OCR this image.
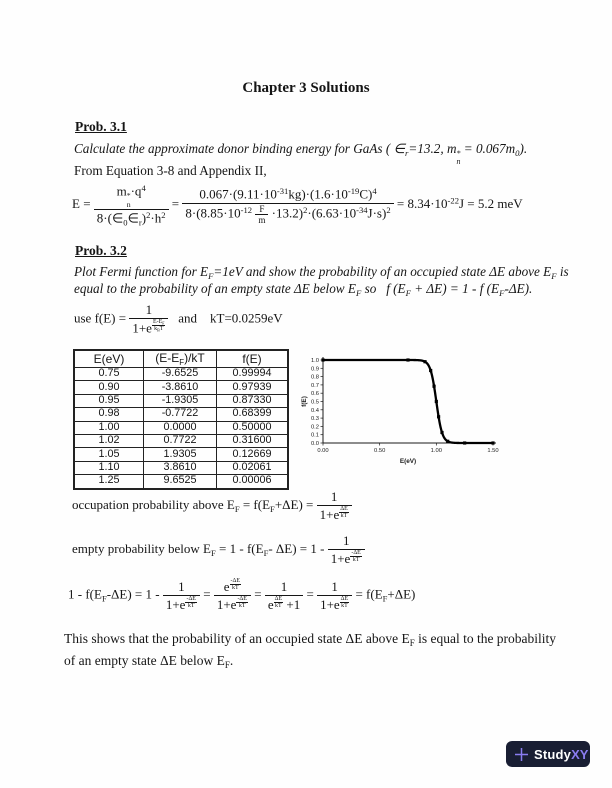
Chapter 3 Solutions
Prob. 3.1
Calculate the approximate donor binding energy for GaAs ( $\in_r=13.2$, m *
n
= $0.067m_0$).
From Equation 3-8 and Appendix II,
E = m *
n
$\cdot q^4$
$8\cdot(\in_0\in_r)^2\cdot h^2 = \frac{0.067\cdot(9.11\cdot 10^{-31}kg)\cdot(1.6\cdot 10^{-19}C)^4}{8\cdot(8.85\cdot 10^{-12} \frac{F}{m} \cdot 13.2)^2\cdot(6.63\cdot 10^{-34}J\cdot s)^2} = 8.34\cdot 10^{-22}J = 5.2$ meV
Prob. 3.2
Plot Fermi function for $E_F=1eV$ and show the probability of an occupied state ΔE above $E_F$ is
equal to the probability of an empty state ΔE below $E_F$ so   f $(E_F + \Delta E) = 1 - f$ $(E_F-\Delta E)$.
use f(E) = 1
1+e $^{\frac{E-E_F}{k_BT}}$ and    kT=0.0259eV
E(eV)	$(E-E_F)/kT$	f(E)
0.75	-9.6525	0.99994
0.90	-3.8610	0.97939
0.95	-1.9305	0.87330
0.98	-0.7722	0.68399
1.00	0.0000	0.50000
1.02	0.7722	0.31600
1.05	1.9305	0.12669
1.10	3.8610	0.02061
1.25	9.6525	0.00006
0.0
0.1
0.2
0.3
0.4
0.5
0.6
0.7
0.8
0.9
1.0
0.00	0.50	1.00	1.50
E(eV)
f(E)
occupation probability above $E_F = f(E_F+\Delta E) = 1$
1+e $^{\frac{\Delta E}{kT}}$
empty probability below $E_F = 1 - f(E_F-$ ΔE) = 1 - 1
1+e $^{\frac{-\Delta E}{kT}}$
$1 - f(E_F-\Delta E) = 1 - 1$
1+e $^{\frac{-\Delta E}{kT}}$ = e $^{\frac{-\Delta E}{kT}}$
1+e $^{\frac{-\Delta E}{kT}}$ = 1
e $^{\frac{\Delta E}{kT}}$ +1 = 1
1+e $^{\frac{\Delta E}{kT}} = f(E_F+\Delta E)$
This shows that the probability of an occupied state ΔE above $E_F$ is equal to the probability
of an empty state ΔE below $E_F$.
StudyXY
